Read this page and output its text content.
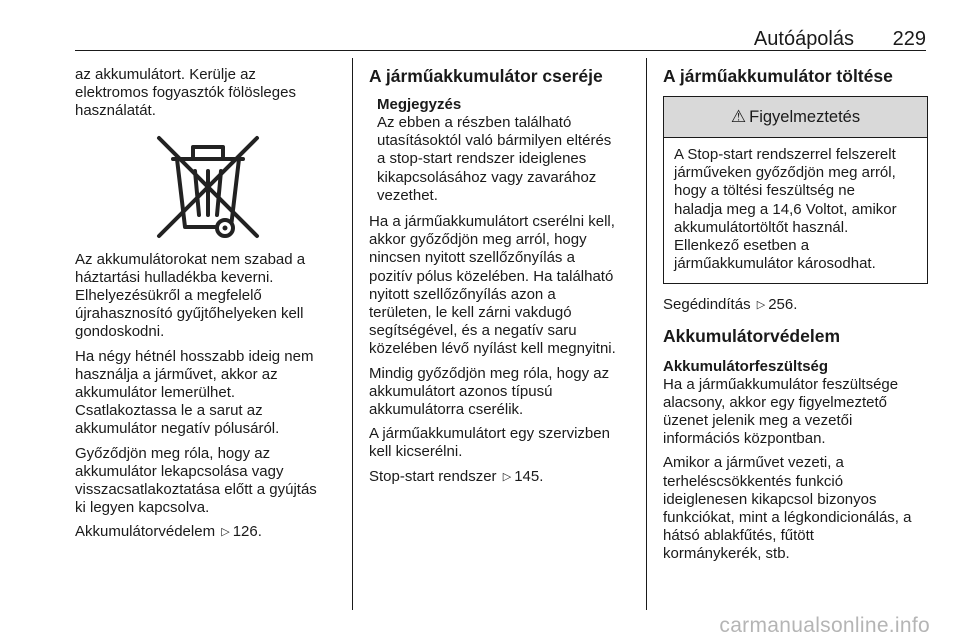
Autóápolás 229

az akkumulátort. Kerülje az
elektromos fogyasztók fölösleges
használatát.

Az akkumulátorokat nem szabad a
háztartási hulladékba keverni.
Elhelyezésükről a megfelelő
újrahasznosító gyűjtőhelyeken kell
gondoskodni.

Ha négy hétnél hosszabb ideig nem
használja a járművet, akkor az
akkumulátor lemerülhet.
Csatlakoztassa le a sarut az
akkumulátor negatív pólusáról.

Győződjön meg róla, hogy az
akkumulátor lekapcsolása vagy
visszacsatlakoztatása előtt a gyújtás
ki legyen kapcsolva.

Akkumulátorvédelem ▷ 126.

A járműakkumulátor cseréje
Megjegyzés
Az ebben a részben található
utasításoktól való bármilyen eltérés
a stop-start rendszer ideiglenes
kikapcsolásához vagy zavarához
vezethet.

Ha a járműakkumulátort cserélni kell,
akkor győződjön meg arról, hogy
nincsen nyitott szellőzőnyílás a
pozitív pólus közelében. Ha található
nyitott szellőzőnyílás azon a
területen, le kell zárni vakdugó
segítségével, és a negatív saru
közelében lévő nyílást kell megnyitni.

Mindig győződjön meg róla, hogy az
akkumulátort azonos típusú
akkumulátorra cserélik.

A járműakkumulátort egy szervizben
kell kicserélni.

Stop-start rendszer ▷ 145.

A járműakkumulátor töltése
⚠ Figyelmeztetés
A Stop-start rendszerrel felszerelt
járműveken győződjön meg arról,
hogy a töltési feszültség ne
haladja meg a 14,6 Voltot, amikor
akkumulátortöltőt használ.
Ellenkező esetben a
járműakkumulátor károsodhat.

Segédindítás ▷ 256.

Akkumulátorvédelem
Akkumulátorfeszültség

Ha a járműakkumulátor feszültsége
alacsony, akkor egy figyelmeztető
üzenet jelenik meg a vezetői
információs központban.

Amikor a járművet vezeti, a
terheléscsökkentés funkció
ideiglenesen kikapcsol bizonyos
funkciókat, mint a légkondicionálás, a
hátsó ablakfűtés, fűtött
kormánykerék, stb.

carmanualsonline.info
